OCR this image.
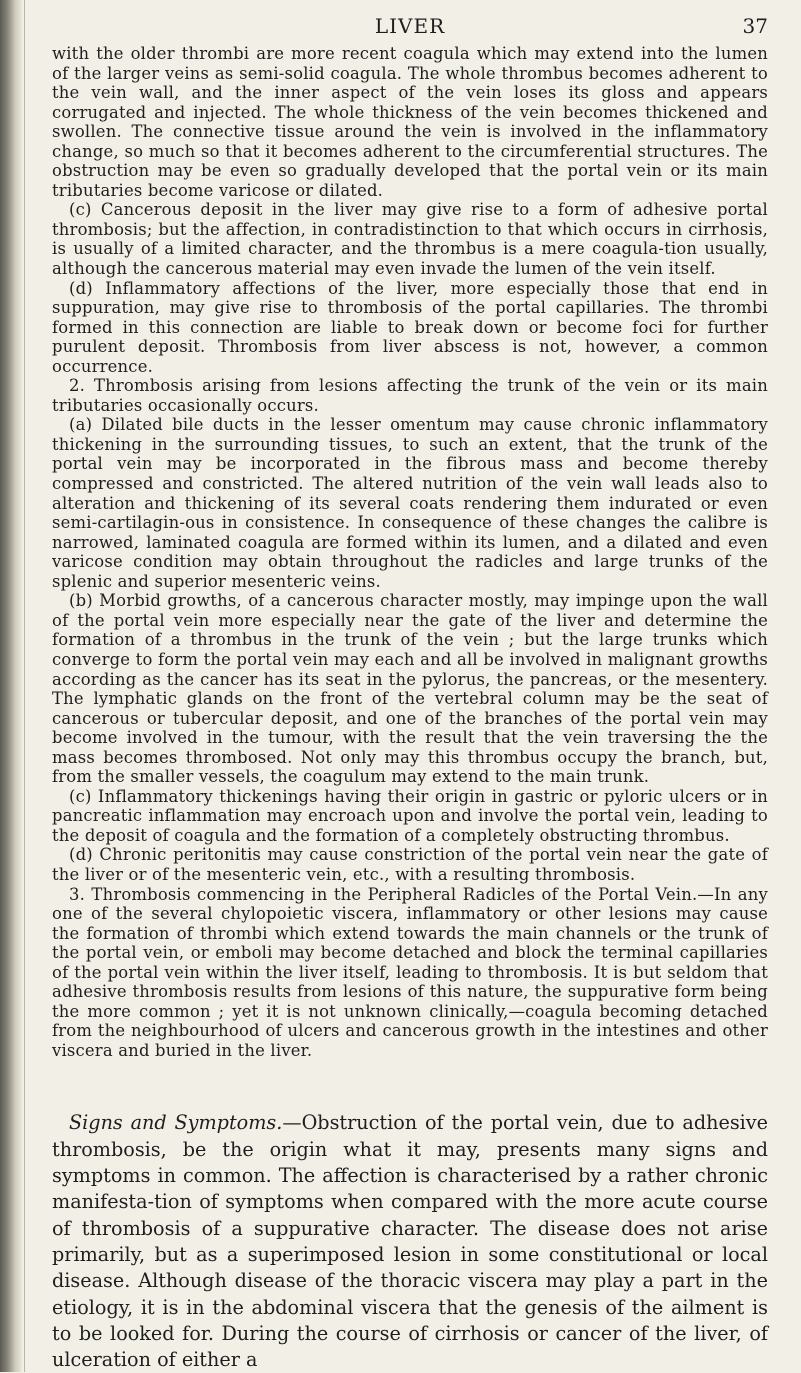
LIVER	37

with the older thrombi are more recent coagula which may extend into the lumen of the larger veins as semi-solid coagula. The whole thrombus becomes adherent to the vein wall, and the inner aspect of the vein loses its gloss and appears corrugated and injected. The whole thickness of the vein becomes thickened and swollen. The connective tissue around the vein is involved in the inflammatory change, so much so that it becomes adherent to the circumferential structures. The obstruction may be even so gradually developed that the portal vein or its main tributaries become varicose or dilated.

(c) Cancerous deposit in the liver may give rise to a form of adhesive portal thrombosis; but the affection, in contradistinction to that which occurs in cirrhosis, is usually of a limited character, and the thrombus is a mere coagula-tion usually, although the cancerous material may even invade the lumen of the vein itself.

(d) Inflammatory affections of the liver, more especially those that end in suppuration, may give rise to thrombosis of the portal capillaries. The thrombi formed in this connection are liable to break down or become foci for further purulent deposit. Thrombosis from liver abscess is not, however, a common occurrence.

2. Thrombosis arising from lesions affecting the trunk of the vein or its main tributaries occasionally occurs.

(a) Dilated bile ducts in the lesser omentum may cause chronic inflammatory thickening in the surrounding tissues, to such an extent, that the trunk of the portal vein may be incorporated in the fibrous mass and become thereby compressed and constricted. The altered nutrition of the vein wall leads also to alteration and thickening of its several coats rendering them indurated or even semi-cartilagin-ous in consistence. In consequence of these changes the calibre is narrowed, laminated coagula are formed within its lumen, and a dilated and even varicose condition may obtain throughout the radicles and large trunks of the splenic and superior mesenteric veins.

(b) Morbid growths, of a cancerous character mostly, may impinge upon the wall of the portal vein more especially near the gate of the liver and determine the formation of a thrombus in the trunk of the vein ; but the large trunks which converge to form the portal vein may each and all be involved in malignant growths according as the cancer has its seat in the pylorus, the pancreas, or the mesentery. The lymphatic glands on the front of the vertebral column may be the seat of cancerous or tubercular deposit, and one of the branches of the portal vein may become involved in the tumour, with the result that the vein traversing the the mass becomes thrombosed. Not only may this thrombus occupy the branch, but, from the smaller vessels, the coagulum may extend to the main trunk.

(c) Inflammatory thickenings having their origin in gastric or pyloric ulcers or in pancreatic inflammation may encroach upon and involve the portal vein, leading to the deposit of coagula and the formation of a completely obstructing thrombus.

(d) Chronic peritonitis may cause constriction of the portal vein near the gate of the liver or of the mesenteric vein, etc., with a resulting thrombosis.

3. Thrombosis commencing in the Peripheral Radicles of the Portal Vein.—In any one of the several chylopoietic viscera, inflammatory or other lesions may cause the formation of thrombi which extend towards the main channels or the trunk of the portal vein, or emboli may become detached and block the terminal capillaries of the portal vein within the liver itself, leading to thrombosis. It is but seldom that adhesive thrombosis results from lesions of this nature, the suppurative form being the more common ; yet it is not unknown clinically,—coagula becoming detached from the neighbourhood of ulcers and cancerous growth in the intestines and other viscera and buried in the liver.

Signs and Symptoms.—Obstruction of the portal vein, due to adhesive thrombosis, be the origin what it may, presents many signs and symptoms in common. The affection is characterised by a rather chronic manifesta-tion of symptoms when compared with the more acute course of thrombosis of a suppurative character. The disease does not arise primarily, but as a superimposed lesion in some constitutional or local disease. Although disease of the thoracic viscera may play a part in the etiology, it is in the abdominal viscera that the genesis of the ailment is to be looked for. During the course of cirrhosis or cancer of the liver, of ulceration of either a
